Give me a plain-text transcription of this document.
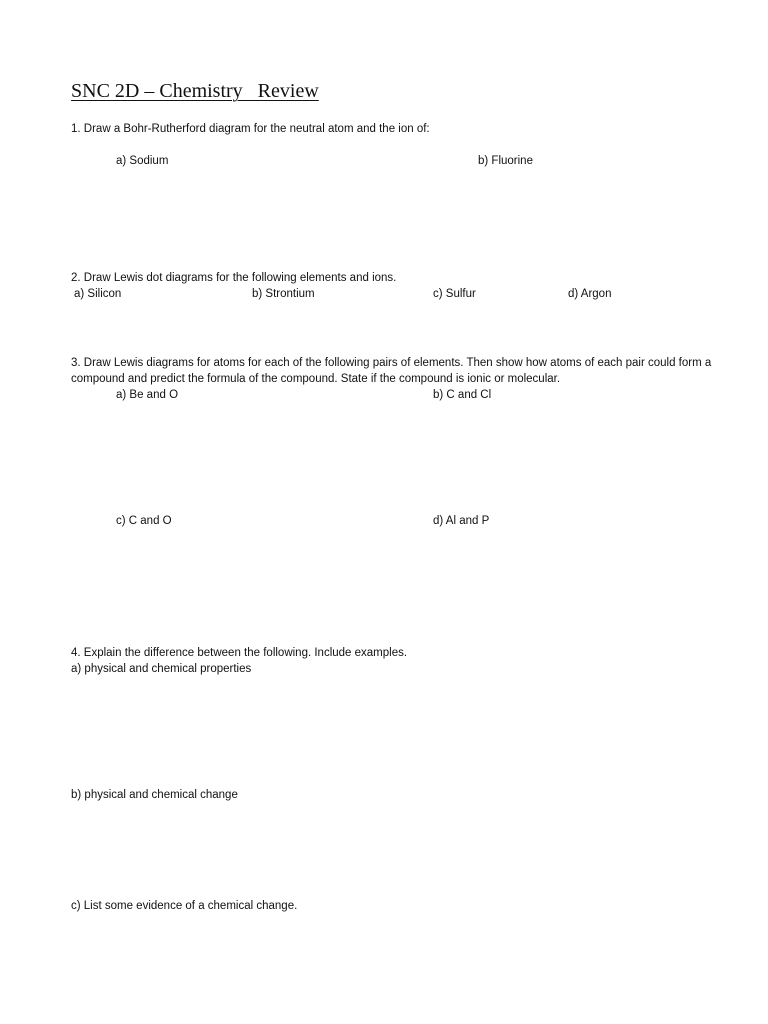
SNC 2D – Chemistry   Review
1. Draw a Bohr-Rutherford diagram for the neutral atom and the ion of:
a) Sodium	b) Fluorine
2. Draw Lewis dot diagrams for the following elements and ions.
a) Silicon	b) Strontium	c) Sulfur	d) Argon
3. Draw Lewis diagrams for atoms for each of the following pairs of elements. Then show how atoms of each pair could form a
compound and predict the formula of the compound. State if the compound is ionic or molecular.
a) Be and O	b) C and Cl
c) C and O	d) Al and P
4. Explain the difference between the following. Include examples.
a) physical and chemical properties
b) physical and chemical change
c) List some evidence of a chemical change.
